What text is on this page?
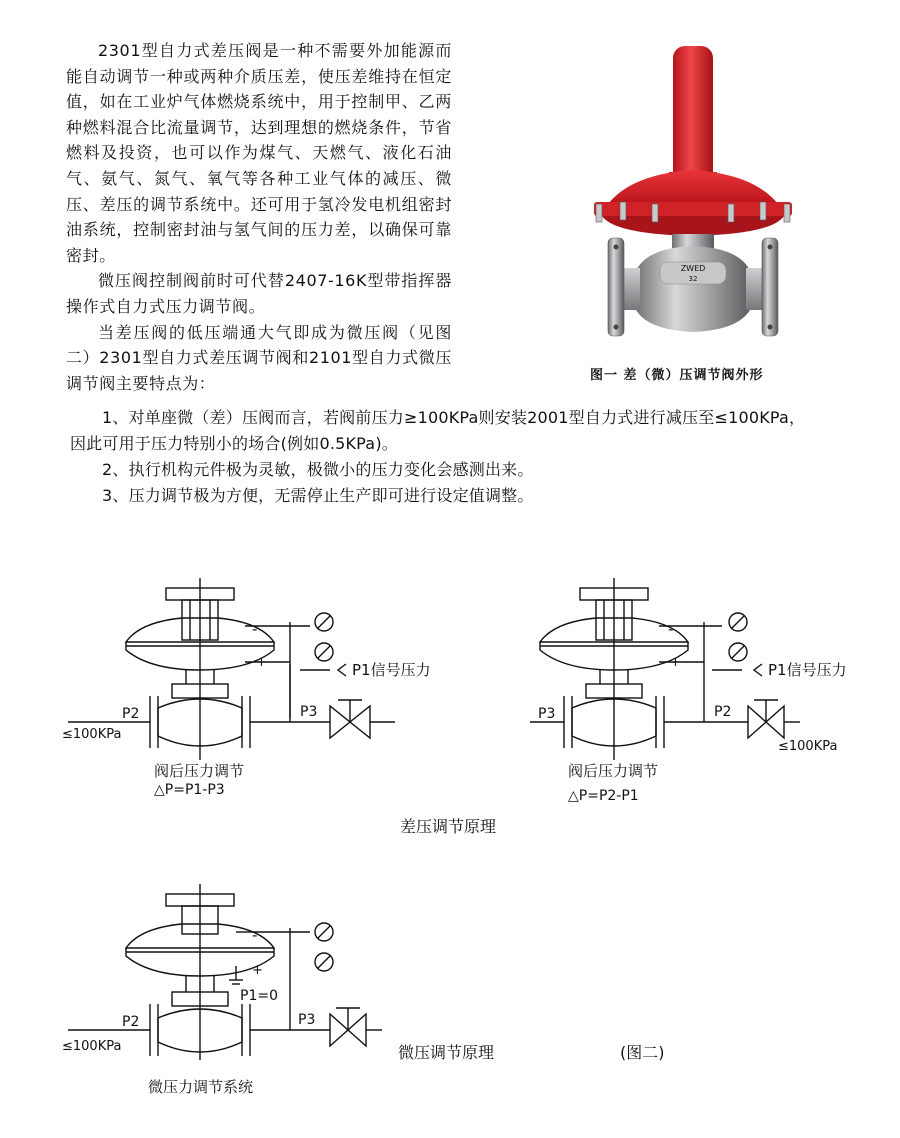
2301型自力式差压阀是一种不需要外加能源而能自动调节一种或两种介质压差，使压差维持在恒定值，如在工业炉气体燃烧系统中，用于控制甲、乙两种燃料混合比流量调节，达到理想的燃烧条件，节省燃料及投资，也可以作为煤气、天燃气、液化石油气、氨气、氮气、氧气等各种工业气体的减压、微压、差压的调节系统中。还可用于氢冷发电机组密封油系统，控制密封油与氢气间的压力差，以确保可靠密封。

微压阀控制阀前时可代替2407-16K型带指挥器操作式自力式压力调节阀。

当差压阀的低压端通大气即成为微压阀（见图二）2301型自力式差压调节阀和2101型自力式微压调节阀主要特点为：

ZWED
32
图一 差（微）压调节阀外形

1、对单座微（差）压阀而言，若阀前压力≥100KPa则安装2001型自力式进行减压至≤100KPa，

因此可用于压力特别小的场合(例如0.5KPa)。

2、执行机构元件极为灵敏，极微小的压力变化会感测出来。

3、压力调节极为方便，无需停止生产即可进行设定值调整。

-
+	P1信号压力
P2
≤100KPa
P3
阀后压力调节
△P=P1-P3
-
+	P1信号压力
P3	P2
≤100KPa
阀后压力调节
△P=P2-P1
差压调节原理
-
+
P1=0
P2
≤100KPa
P3
微压力调节系统
微压调节原理	(图二)
